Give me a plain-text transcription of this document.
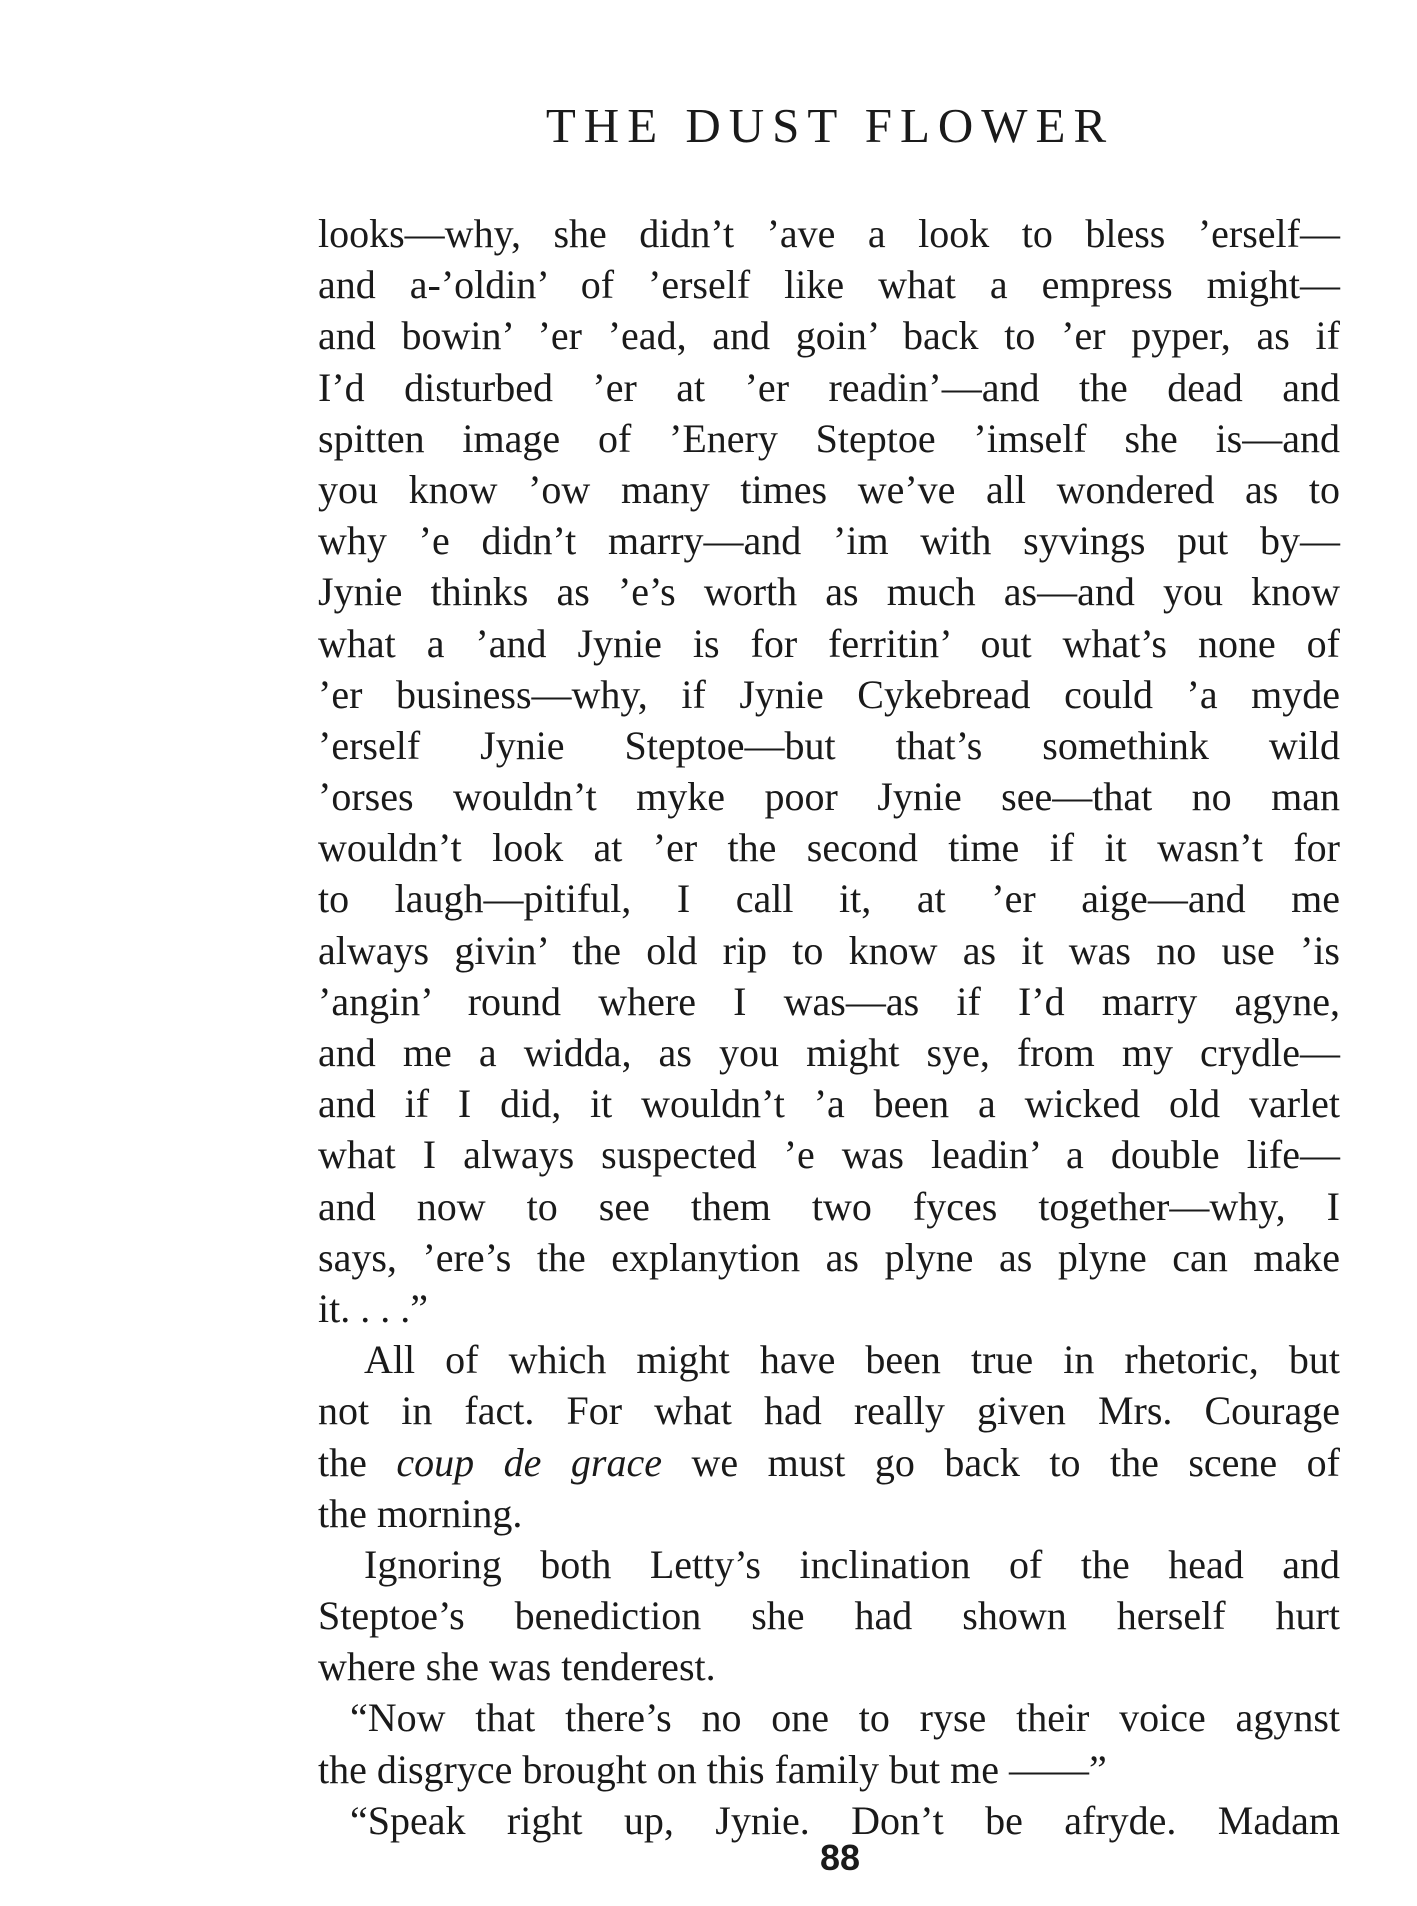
THE DUST FLOWER
looks—why, she didn’t ’ave a look to bless ’erself—
and a-’oldin’ of ’erself like what a empress might—
and bowin’ ’er ’ead, and goin’ back to ’er pyper, as if
I’d disturbed ’er at ’er readin’—and the dead and
spitten image of ’Enery Steptoe ’imself she is—and
you know ’ow many times we’ve all wondered as to
why ’e didn’t marry—and ’im with syvings put by—
Jynie thinks as ’e’s worth as much as—and you know
what a ’and Jynie is for ferritin’ out what’s none of
’er business—why, if Jynie Cykebread could ’a myde
’erself Jynie Steptoe—but that’s somethink wild
’orses wouldn’t myke poor Jynie see—that no man
wouldn’t look at ’er the second time if it wasn’t for
to laugh—pitiful, I call it, at ’er aige—and me
always givin’ the old rip to know as it was no use ’is
’angin’ round where I was—as if I’d marry agyne,
and me a widda, as you might sye, from my crydle—
and if I did, it wouldn’t ’a been a wicked old varlet
what I always suspected ’e was leadin’ a double life—
and now to see them two fyces together—why, I
says, ’ere’s the explanytion as plyne as plyne can make
it. . . .”
All of which might have been true in rhetoric, but
not in fact. For what had really given Mrs. Courage
the coup de grace we must go back to the scene of
the morning.
Ignoring both Letty’s inclination of the head and
Steptoe’s benediction she had shown herself hurt
where she was tenderest.
“Now that there’s no one to ryse their voice agynst
the disgryce brought on this family but me ——”
“Speak right up, Jynie. Don’t be afryde. Madam
88
